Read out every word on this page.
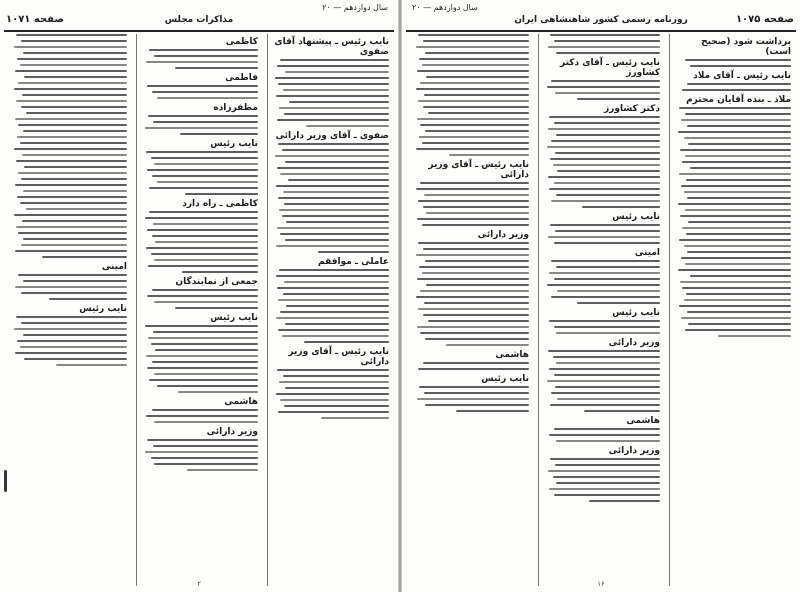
صفحه ۱۰۷۱	مذاکرات مجلس
سال دوازدهم — ۲۰
نایب رئیس ـ پیشنهاد آقای صفوی
صفوی ـ آقای وزیر دارائی
عاملی ـ موافقم
نایب رئیس ـ آقای وزیر دارائی
کاظمی
فاطمی
مظفرزاده
نایب رئیس
کاظمی ـ راه دارد
جمعی از نمایندگان
نایب رئیس
هاشمی
وزیر دارائی
امینی
نایب رئیس
۲
صفحه ۱۰۷۵
روزنامه رسمی کشور شاهنشاهی ایران
سال دوازدهم — ۲۰
برداشت شود (صحیح است)
نایب رئیس ـ آقای ملاد
ملاد ـ بنده آقایان محترم
نایب رئیس ـ آقای دکتر کشاورز
دکتر کشاورز
نایب رئیس
امینی
نایب رئیس
وزیر دارائی
هاشمی
وزیر دارائی
نایب رئیس ـ آقای وزیر دارائی
وزیر دارائی
هاشمی
نایب رئیس
۱۶
